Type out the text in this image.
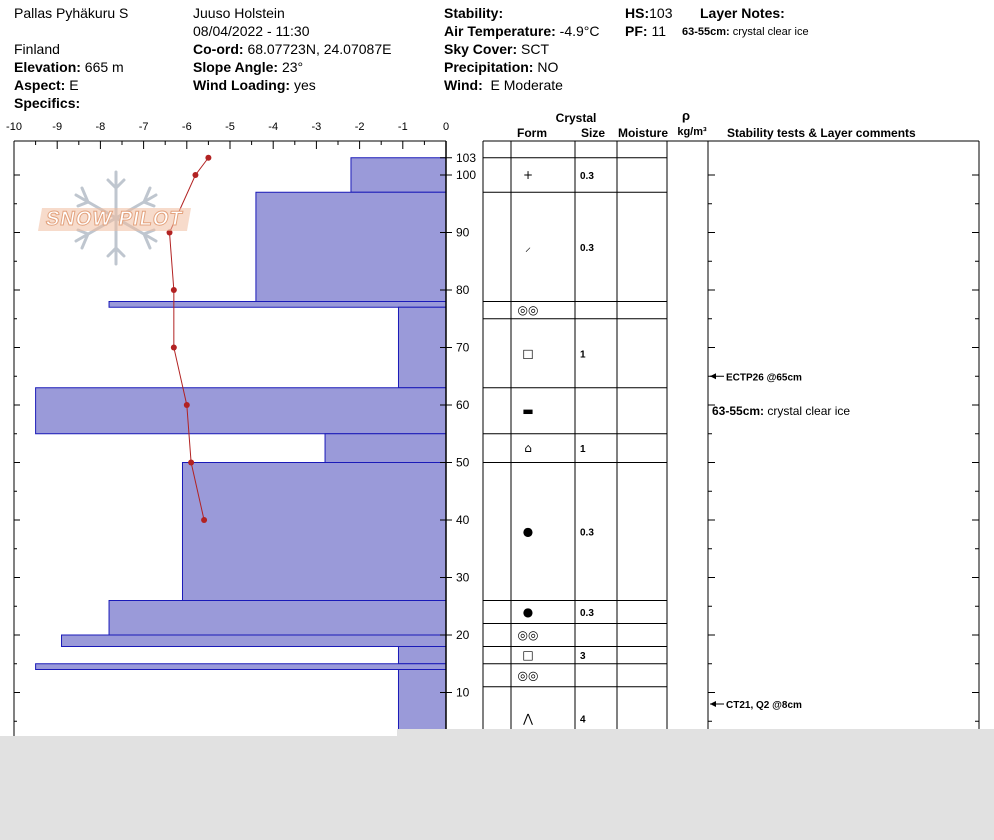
Pallas Pyhäkuru S
Finland
Elevation: 665 m
Aspect: E
Specifics:
Juuso Holstein
08/04/2022 - 11:30
Co-ord: 68.07723N, 24.07087E
Slope Angle: 23°
Wind Loading: yes
Stability:
Air Temperature: -4.9°C
Sky Cover: SCT
Precipitation: NO
Wind: E Moderate
HS:103
PF: 11
Layer Notes:
63-55cm: crystal clear ice
-10	-9	-8	-7	-6	-5	-4	-3	-2	-1	0
103
100
90
80
70
60
50
40
30
20
10
Crystal
Form	Size Moisture
ρ
kg/m³ Stability tests & Layer comments
+	0.3
⸝	0.3
◎◎
□	1
▬
⌂	1
●	0.3
●	0.3
◎◎
□	3
◎◎
⋀	4
ECTP26 @65cm
CT21, Q2 @8cm
63-55cm: crystal clear ice
SNOW PILOT
